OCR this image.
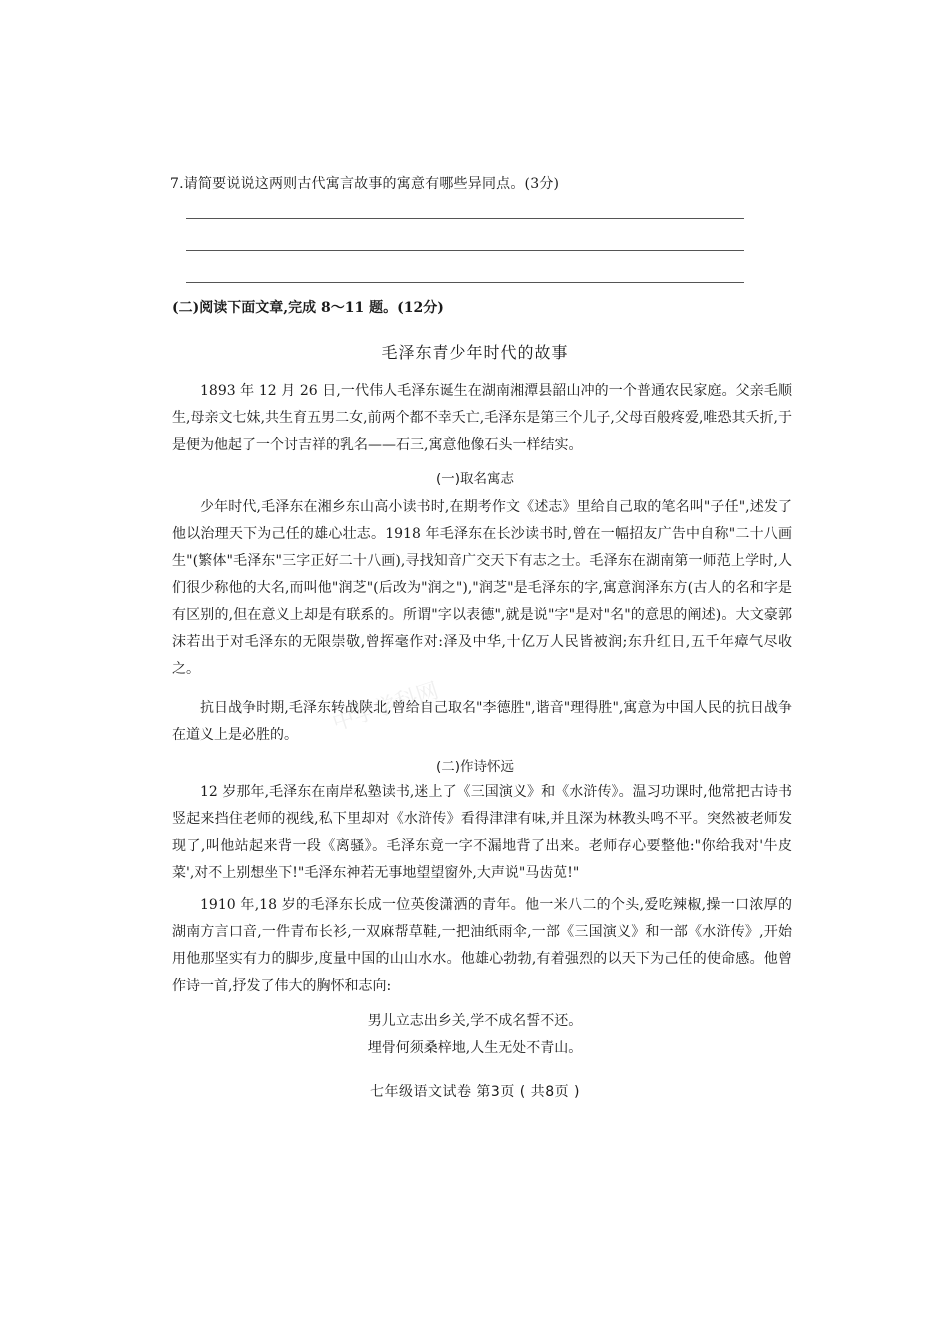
7.请简要说说这两则古代寓言故事的寓意有哪些异同点。(3分)
(二)阅读下面文章,完成 8～11 题。(12分)
毛泽东青少年时代的故事
1893 年 12 月 26 日,一代伟人毛泽东诞生在湖南湘潭县韶山冲的一个普通农民家庭。父亲毛顺生,母亲文七妹,共生育五男二女,前两个都不幸夭亡,毛泽东是第三个儿子,父母百般疼爱,唯恐其夭折,于是便为他起了一个讨吉祥的乳名——石三,寓意他像石头一样结实。
(一)取名寓志
少年时代,毛泽东在湘乡东山高小读书时,在期考作文《述志》里给自己取的笔名叫"子任",述发了他以治理天下为己任的雄心壮志。1918 年毛泽东在长沙读书时,曾在一幅招友广告中自称"二十八画生"(繁体"毛泽东"三字正好二十八画),寻找知音广交天下有志之士。毛泽东在湖南第一师范上学时,人们很少称他的大名,而叫他"润芝"(后改为"润之"),"润芝"是毛泽东的字,寓意润泽东方(古人的名和字是有区别的,但在意义上却是有联系的。所谓"字以表德",就是说"字"是对"名"的意思的阐述)。大文豪郭沫若出于对毛泽东的无限崇敬,曾挥毫作对:泽及中华,十亿万人民皆被润;东升红日,五千年瘴气尽收之。
抗日战争时期,毛泽东转战陕北,曾给自己取名"李德胜",谐音"理得胜",寓意为中国人民的抗日战争在道义上是必胜的。	中学学科网
(二)作诗怀远
12 岁那年,毛泽东在南岸私塾读书,迷上了《三国演义》和《水浒传》。温习功课时,他常把古诗书竖起来挡住老师的视线,私下里却对《水浒传》看得津津有味,并且深为林教头鸣不平。突然被老师发现了,叫他站起来背一段《离骚》。毛泽东竟一字不漏地背了出来。老师存心要整他:"你给我对'牛皮菜',对不上别想坐下!"毛泽东神若无事地望望窗外,大声说"马齿苋!"
1910 年,18 岁的毛泽东长成一位英俊潇洒的青年。他一米八二的个头,爱吃辣椒,操一口浓厚的湖南方言口音,一件青布长衫,一双麻帮草鞋,一把油纸雨伞,一部《三国演义》和一部《水浒传》,开始用他那坚实有力的脚步,度量中国的山山水水。他雄心勃勃,有着强烈的以天下为己任的使命感。他曾作诗一首,抒发了伟大的胸怀和志向:
男儿立志出乡关,学不成名誓不还。
埋骨何须桑梓地,人生无处不青山。
七年级语文试卷 第3页 ( 共8页 )
